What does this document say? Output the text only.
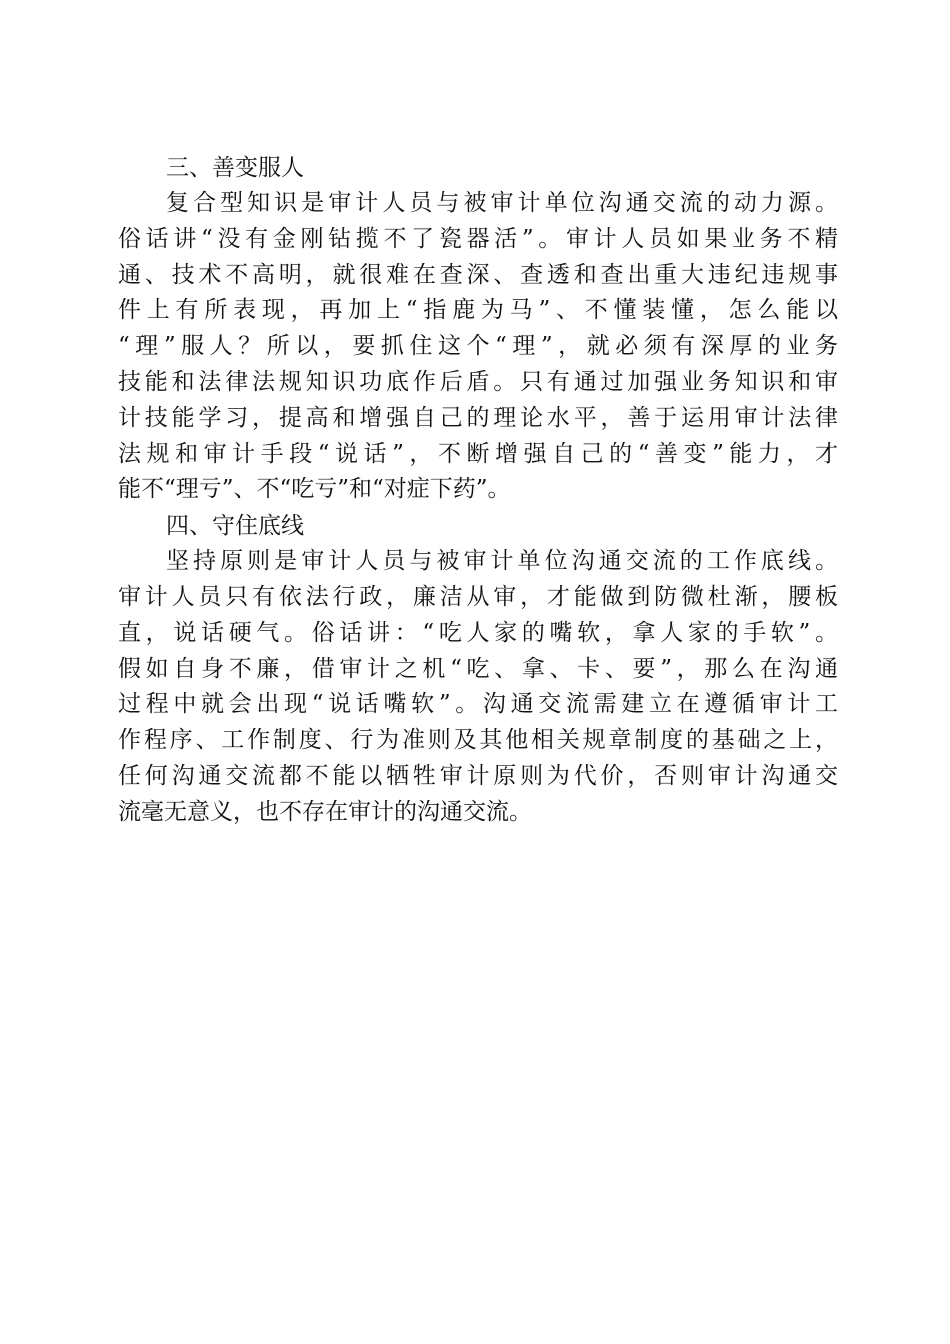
三、善变服人
复合型知识是审计人员与被审计单位沟通交流的动力源。
俗话讲“没有金刚钻揽不了瓷器活”。审计人员如果业务不精
通、技术不高明，就很难在查深、查透和查出重大违纪违规事
件上有所表现，再加上“指鹿为马”、不懂装懂，怎么能以
“理”服人？所以，要抓住这个“理”，就必须有深厚的业务
技能和法律法规知识功底作后盾。只有通过加强业务知识和审
计技能学习，提高和增强自己的理论水平，善于运用审计法律
法规和审计手段“说话”，不断增强自己的“善变”能力，才
能不“理亏”、不“吃亏”和“对症下药”。
四、守住底线
坚持原则是审计人员与被审计单位沟通交流的工作底线。
审计人员只有依法行政，廉洁从审，才能做到防微杜渐，腰板
直，说话硬气。俗话讲：“吃人家的嘴软，拿人家的手软”。
假如自身不廉，借审计之机“吃、拿、卡、要”，那么在沟通
过程中就会出现“说话嘴软”。沟通交流需建立在遵循审计工
作程序、工作制度、行为准则及其他相关规章制度的基础之上，
任何沟通交流都不能以牺牲审计原则为代价，否则审计沟通交
流毫无意义，也不存在审计的沟通交流。
